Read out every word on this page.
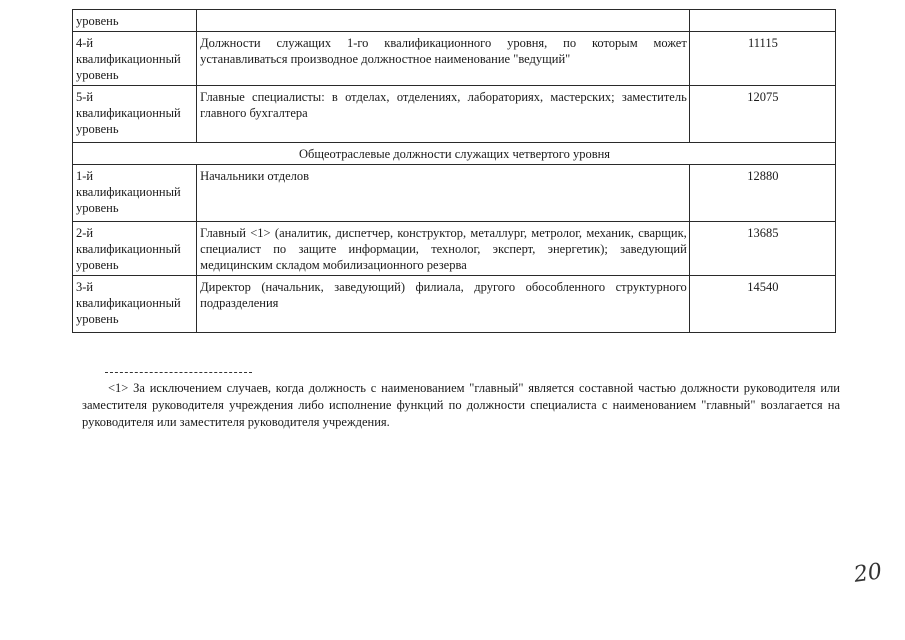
уровень		
4-й квалификационный уровень	Должности служащих 1-го квалификационного уровня, по которым может устанавливаться производное должностное наименование "ведущий"	11115
5-й квалификационный уровень	Главные специалисты: в отделах, отделениях, лабораториях, мастерских; заместитель главного бухгалтера	12075
Общеотраслевые должности служащих четвертого уровня		
1-й квалификационный уровень	Начальники отделов	12880
2-й квалификационный уровень	Главный <1> (аналитик, диспетчер, конструктор, металлург, метролог, механик, сварщик, специалист по защите информации, технолог, эксперт, энергетик); заведующий медицинским складом мобилизационного резерва	13685
3-й квалификационный уровень	Директор (начальник, заведующий) филиала, другого обособленного структурного подразделения	14540
<1> За исключением случаев, когда должность с наименованием "главный" является составной частью должности руководителя или заместителя руководителя учреждения либо исполнение функций по должности специалиста с наименованием "главный" возлагается на руководителя или заместителя руководителя учреждения.
20
